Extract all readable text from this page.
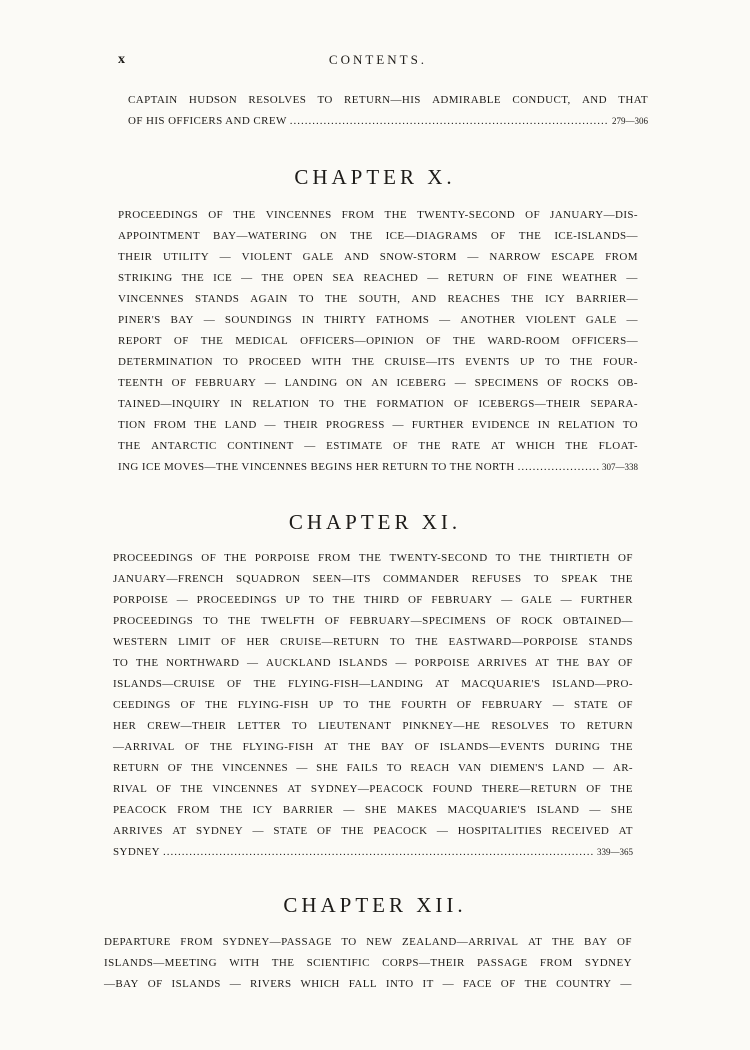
x	CONTENTS.
CAPTAIN HUDSON RESOLVES TO RETURN—HIS ADMIRABLE CONDUCT, AND THAT
OF HIS OFFICERS AND CREW .....	279—306
CHAPTER X.
PROCEEDINGS OF THE VINCENNES FROM THE TWENTY-SECOND OF JANUARY—DIS-
APPOINTMENT BAY—WATERING ON THE ICE—DIAGRAMS OF THE ICE-ISLANDS—
THEIR UTILITY — VIOLENT GALE AND SNOW-STORM — NARROW ESCAPE FROM
STRIKING THE ICE — THE OPEN SEA REACHED — RETURN OF FINE WEATHER —
VINCENNES STANDS AGAIN TO THE SOUTH, AND REACHES THE ICY BARRIER—
PINER'S BAY — SOUNDINGS IN THIRTY FATHOMS — ANOTHER VIOLENT GALE —
REPORT OF THE MEDICAL OFFICERS—OPINION OF THE WARD-ROOM OFFICERS—
DETERMINATION TO PROCEED WITH THE CRUISE—ITS EVENTS UP TO THE FOUR-
TEENTH OF FEBRUARY — LANDING ON AN ICEBERG — SPECIMENS OF ROCKS OB-
TAINED—INQUIRY IN RELATION TO THE FORMATION OF ICEBERGS—THEIR SEPARA-
TION FROM THE LAND — THEIR PROGRESS — FURTHER EVIDENCE IN RELATION TO
THE ANTARCTIC CONTINENT — ESTIMATE OF THE RATE AT WHICH THE FLOAT-
ING ICE MOVES—THE VINCENNES BEGINS HER RETURN TO THE NORTH .....	307—338
CHAPTER XI.
PROCEEDINGS OF THE PORPOISE FROM THE TWENTY-SECOND TO THE THIRTIETH OF
JANUARY—FRENCH SQUADRON SEEN—ITS COMMANDER REFUSES TO SPEAK THE
PORPOISE — PROCEEDINGS UP TO THE THIRD OF FEBRUARY — GALE — FURTHER
PROCEEDINGS TO THE TWELFTH OF FEBRUARY—SPECIMENS OF ROCK OBTAINED—
WESTERN LIMIT OF HER CRUISE—RETURN TO THE EASTWARD—PORPOISE STANDS
TO THE NORTHWARD — AUCKLAND ISLANDS — PORPOISE ARRIVES AT THE BAY OF
ISLANDS—CRUISE OF THE FLYING-FISH—LANDING AT MACQUARIE'S ISLAND—PRO-
CEEDINGS OF THE FLYING-FISH UP TO THE FOURTH OF FEBRUARY — STATE OF
HER CREW—THEIR LETTER TO LIEUTENANT PINKNEY—HE RESOLVES TO RETURN
—ARRIVAL OF THE FLYING-FISH AT THE BAY OF ISLANDS—EVENTS DURING THE
RETURN OF THE VINCENNES — SHE FAILS TO REACH VAN DIEMEN'S LAND — AR-
RIVAL OF THE VINCENNES AT SYDNEY—PEACOCK FOUND THERE—RETURN OF THE
PEACOCK FROM THE ICY BARRIER — SHE MAKES MACQUARIE'S ISLAND — SHE
ARRIVES AT SYDNEY — STATE OF THE PEACOCK — HOSPITALITIES RECEIVED AT
SYDNEY .....	339—365
CHAPTER XII.
DEPARTURE FROM SYDNEY—PASSAGE TO NEW ZEALAND—ARRIVAL AT THE BAY OF
ISLANDS—MEETING WITH THE SCIENTIFIC CORPS—THEIR PASSAGE FROM SYDNEY
—BAY OF ISLANDS — RIVERS WHICH FALL INTO IT — FACE OF THE COUNTRY —
